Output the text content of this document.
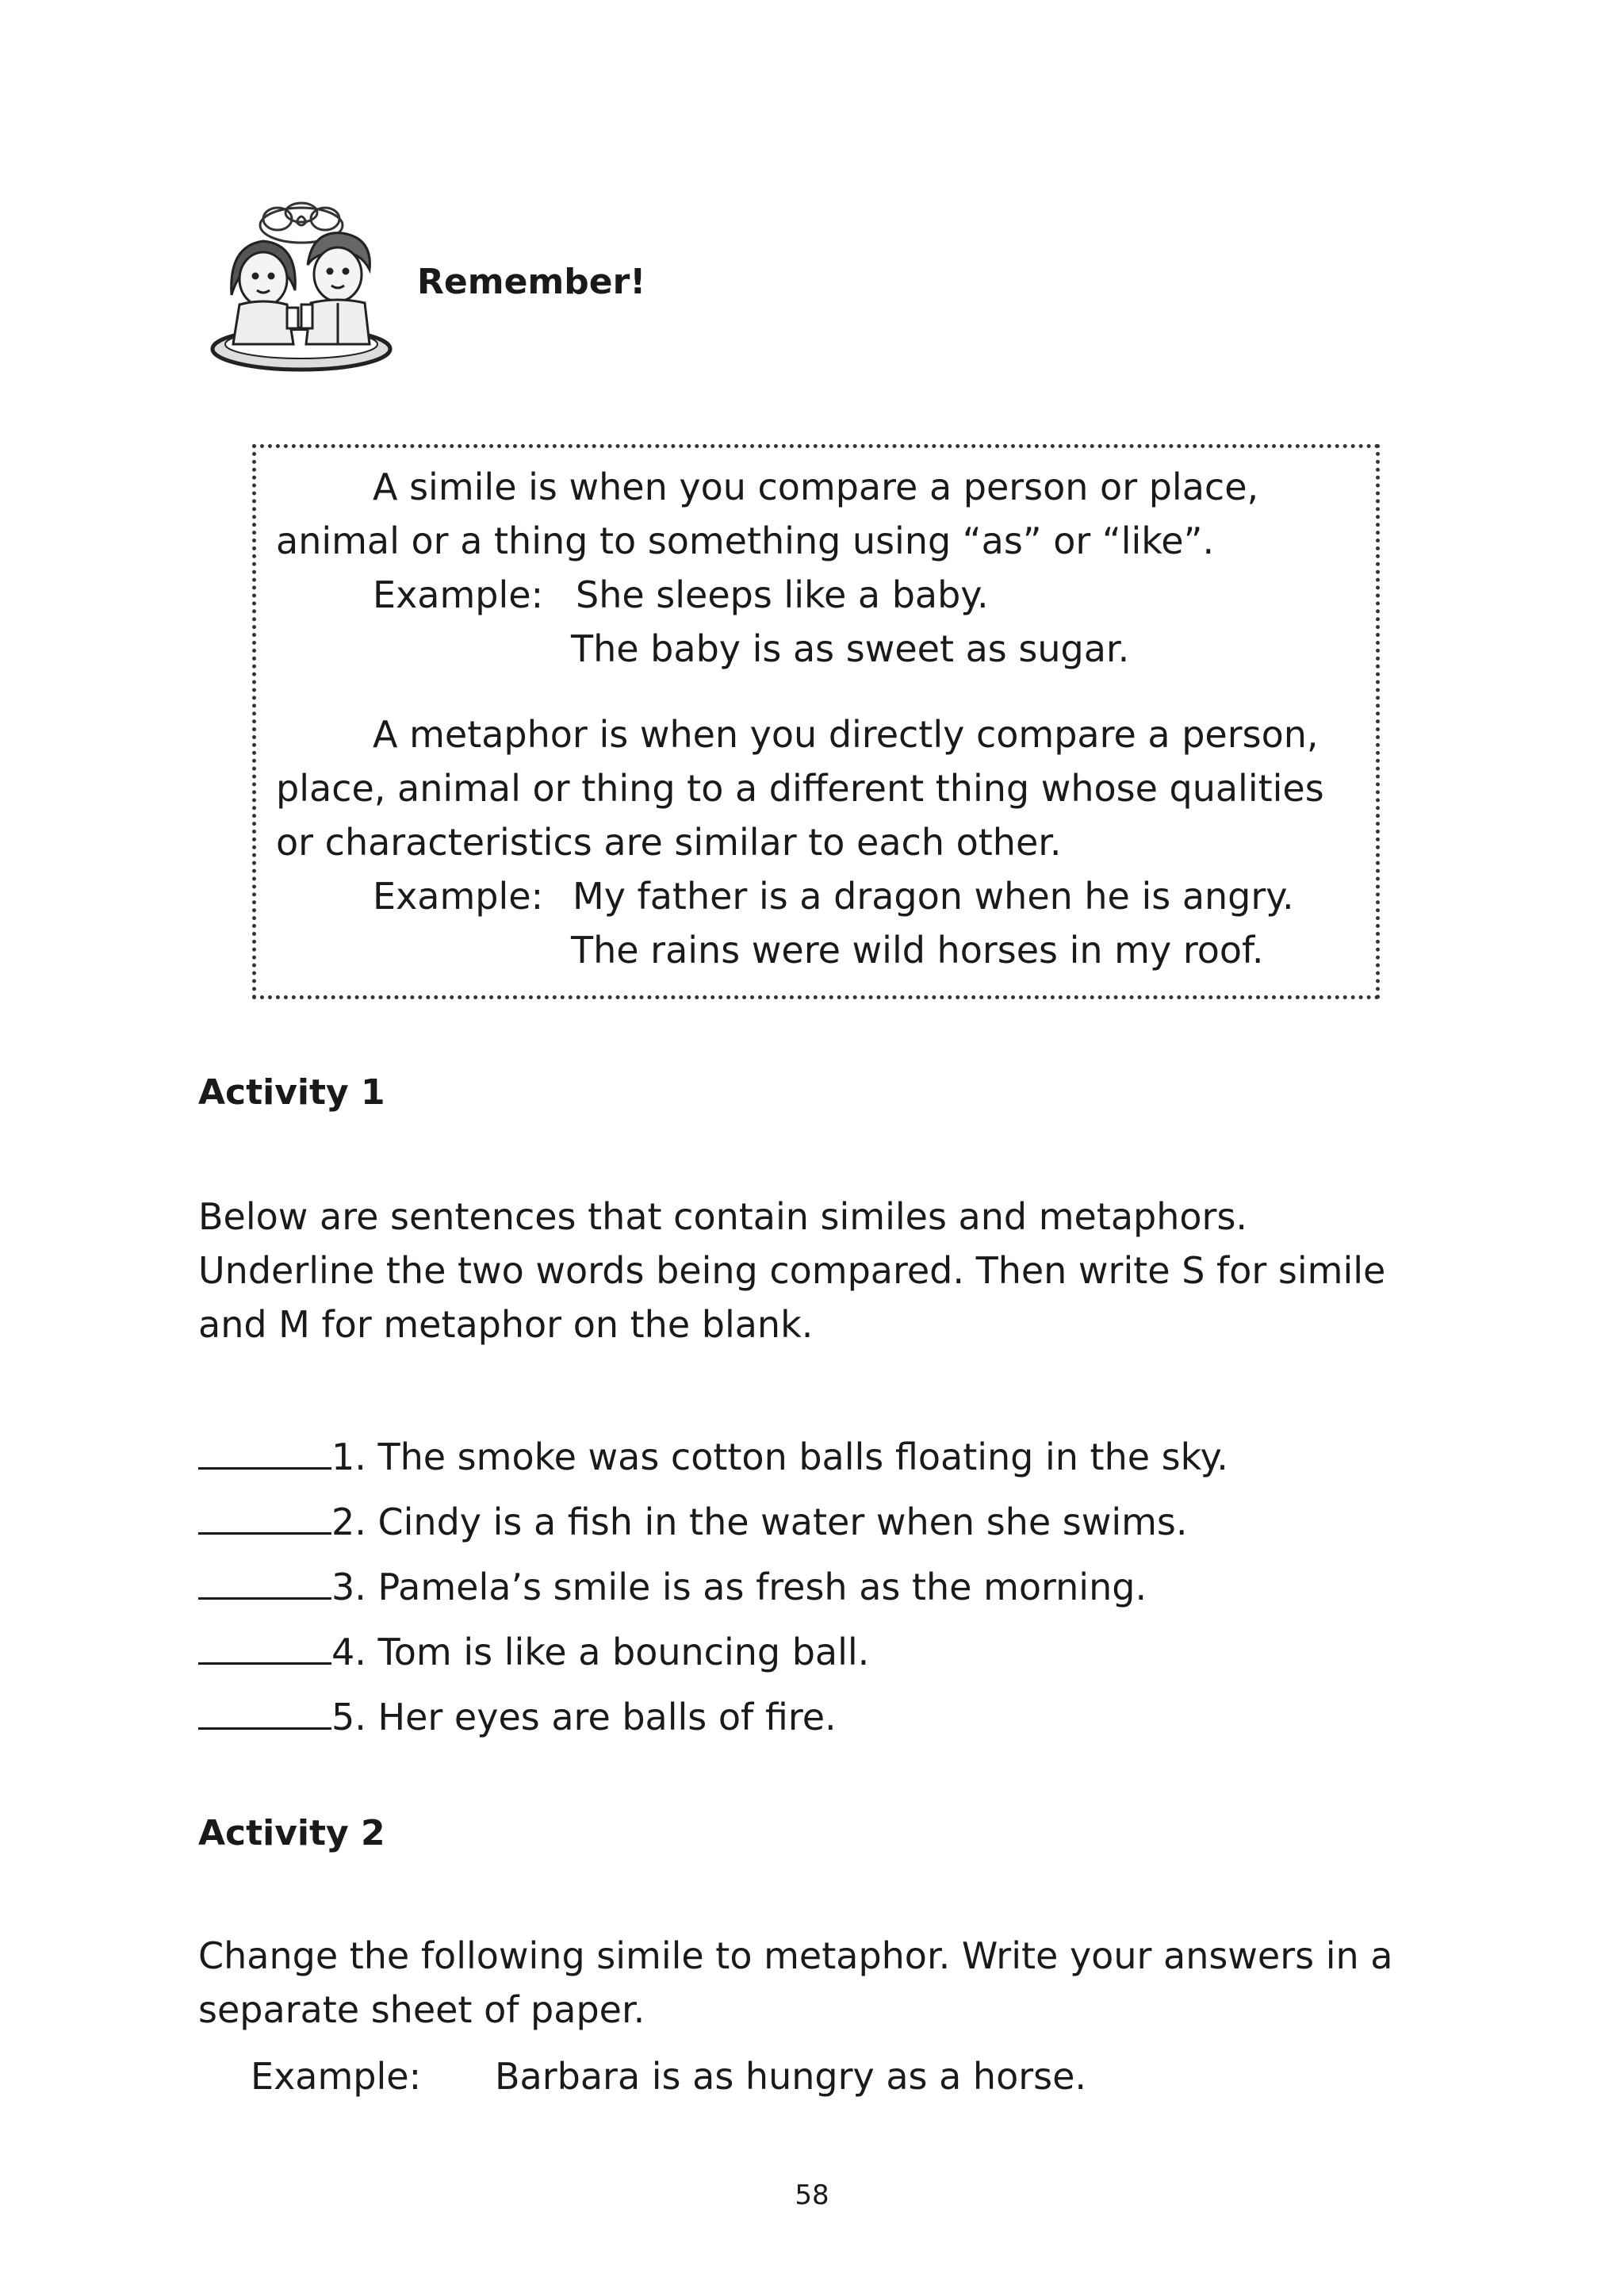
Remember!
A simile is when you compare a person or place,
animal or a thing to something using “as” or “like”.
Example: She sleeps like a baby.
The baby is as sweet as sugar.
A metaphor is when you directly compare a person,
place, animal or thing to a different thing whose qualities
or characteristics are similar to each other.
Example: My father is a dragon when he is angry.
The rains were wild horses in my roof.
Activity 1
Below are sentences that contain similes and metaphors.
Underline the two words being compared. Then write S for simile
and M for metaphor on the blank.
1. The smoke was cotton balls floating in the sky.
2. Cindy is a fish in the water when she swims.
3. Pamela’s smile is as fresh as the morning.
4. Tom is like a bouncing ball.
5. Her eyes are balls of fire.
Activity 2
Change the following simile to metaphor. Write your answers in a
separate sheet of paper.
Example: Barbara is as hungry as a horse.
58
